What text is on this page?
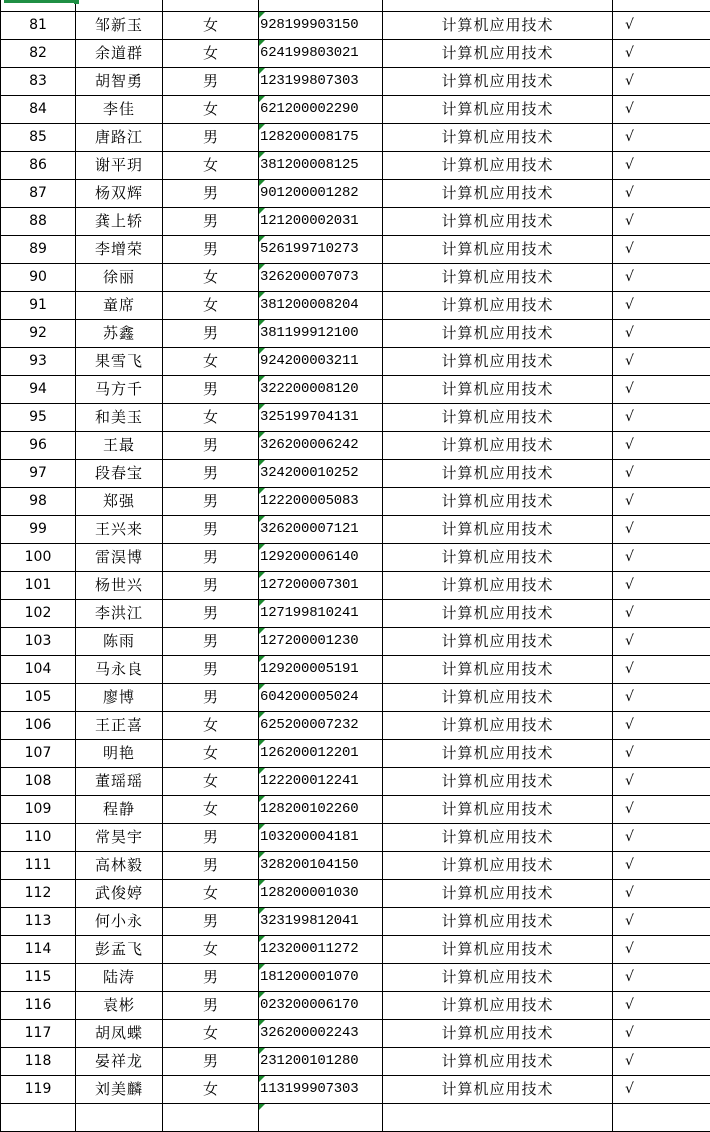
81	邹新玉	女	928199903150	计算机应用技术	√
82	余道群	女	624199803021	计算机应用技术	√
83	胡智勇	男	123199807303	计算机应用技术	√
84	李佳	女	621200002290	计算机应用技术	√
85	唐路江	男	128200008175	计算机应用技术	√
86	谢平玥	女	381200008125	计算机应用技术	√
87	杨双辉	男	901200001282	计算机应用技术	√
88	龚上轿	男	121200002031	计算机应用技术	√
89	李增荣	男	526199710273	计算机应用技术	√
90	徐丽	女	326200007073	计算机应用技术	√
91	童席	女	381200008204	计算机应用技术	√
92	苏鑫	男	381199912100	计算机应用技术	√
93	果雪飞	女	924200003211	计算机应用技术	√
94	马方千	男	322200008120	计算机应用技术	√
95	和美玉	女	325199704131	计算机应用技术	√
96	王最	男	326200006242	计算机应用技术	√
97	段春宝	男	324200010252	计算机应用技术	√
98	郑强	男	122200005083	计算机应用技术	√
99	王兴来	男	326200007121	计算机应用技术	√
100	雷淏博	男	129200006140	计算机应用技术	√
101	杨世兴	男	127200007301	计算机应用技术	√
102	李洪江	男	127199810241	计算机应用技术	√
103	陈雨	男	127200001230	计算机应用技术	√
104	马永良	男	129200005191	计算机应用技术	√
105	廖博	男	604200005024	计算机应用技术	√
106	王正喜	女	625200007232	计算机应用技术	√
107	明艳	女	126200012201	计算机应用技术	√
108	董瑶瑶	女	122200012241	计算机应用技术	√
109	程静	女	128200102260	计算机应用技术	√
110	常昊宇	男	103200004181	计算机应用技术	√
111	高林毅	男	328200104150	计算机应用技术	√
112	武俊婷	女	128200001030	计算机应用技术	√
113	何小永	男	323199812041	计算机应用技术	√
114	彭孟飞	女	123200011272	计算机应用技术	√
115	陆涛	男	181200001070	计算机应用技术	√
116	袁彬	男	023200006170	计算机应用技术	√
117	胡凤蝶	女	326200002243	计算机应用技术	√
118	晏祥龙	男	231200101280	计算机应用技术	√
119	刘美麟	女	113199907303	计算机应用技术	√
